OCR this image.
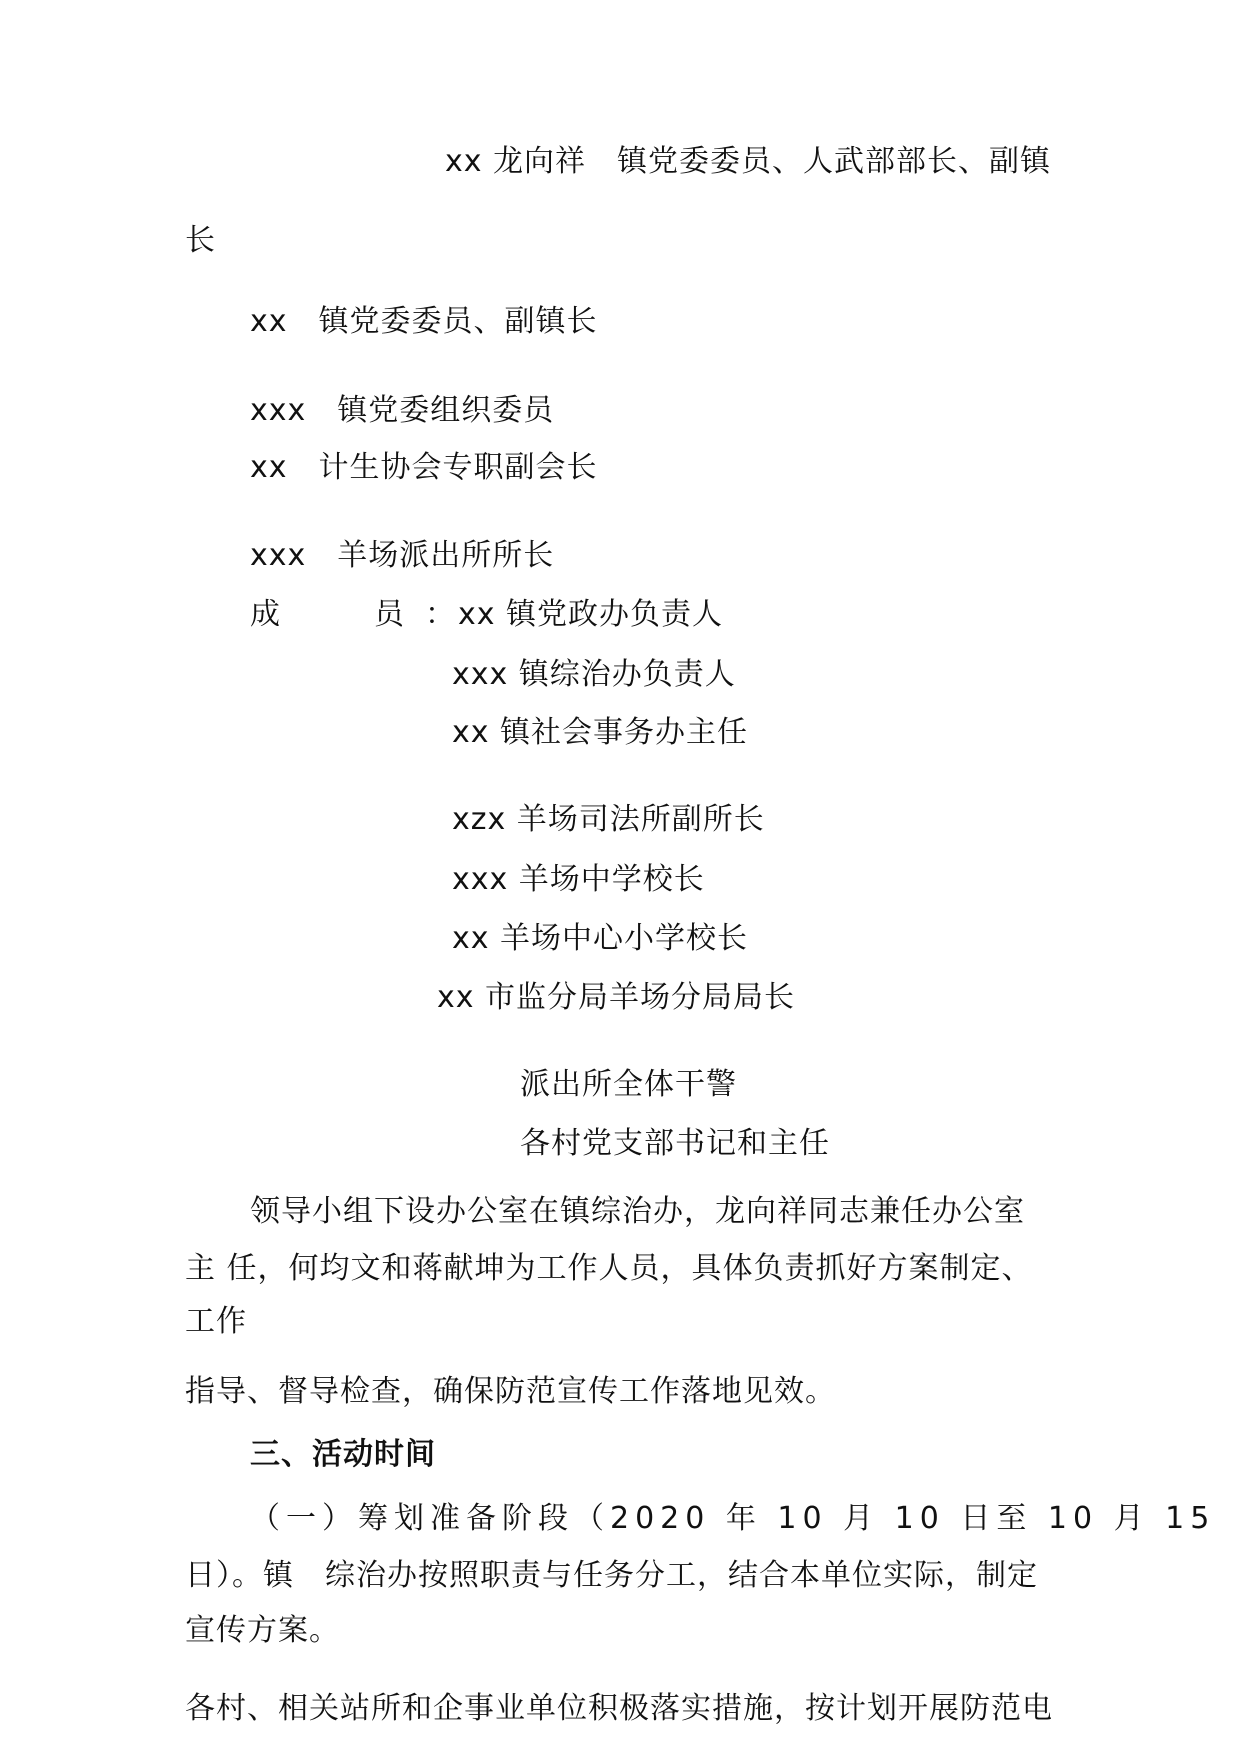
xx 龙向祥　镇党委委员、人武部部长、副镇
长
xx　镇党委委员、副镇长
xxx　镇党委组织委员
xx　计生协会专职副会长
xxx　羊场派出所所长
成　　　员 ： xx 镇党政办负责人
xxx 镇综治办负责人
xx 镇社会事务办主任
xzx 羊场司法所副所长
xxx 羊场中学校长
xx 羊场中心小学校长
xx 市监分局羊场分局局长
派出所全体干警
各村党支部书记和主任
领导小组下设办公室在镇综治办，龙向祥同志兼任办公室
主 任，何均文和蒋献坤为工作人员，具体负责抓好方案制定、
工作
指导、督导检查，确保防范宣传工作落地见效。
三、活动时间
（一）筹划准备阶段（2020 年 10 月 10 日至 10 月 15
日）。镇　综治办按照职责与任务分工，结合本单位实际，制定
宣传方案。
各村、相关站所和企事业单位积极落实措施，按计划开展防范电
